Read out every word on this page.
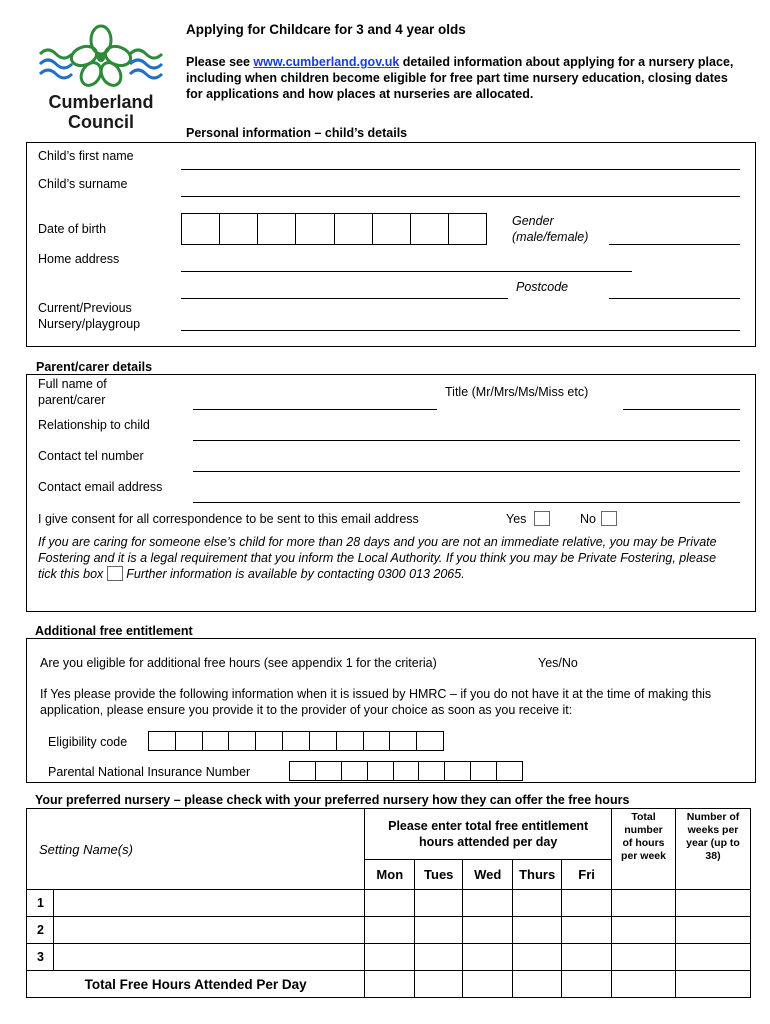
Cumberland
Council
Applying for Childcare for 3 and 4 year olds
Please see www.cumberland.gov.uk detailed information about applying for a nursery place, including when children become eligible for free part time nursery education, closing dates for applications and how places at nurseries are allocated.
Personal information – child’s details
Child’s first name
Child’s surname
Date of birth
Gender
(male/female)
Home address
Postcode
Current/Previous
Nursery/playgroup
Parent/carer details
Full name of
parent/carer
Title (Mr/Mrs/Ms/Miss etc)
Relationship to child
Contact tel number
Contact email address
I give consent for all correspondence to be sent to this email address	Yes	No
If you are caring for someone else’s child for more than 28 days and you are not an immediate relative, you may be Private Fostering and it is a legal requirement that you inform the Local Authority. If you think you may be Private Fostering, please tick this box  Further information is available by contacting 0300 013 2065.
Additional free entitlement
Are you eligible for additional free hours (see appendix 1 for the criteria)	Yes/No
If Yes please provide the following information when it is issued by HMRC – if you do not have it at the time of making this application, please ensure you provide it to the provider of your choice as soon as you receive it:
Eligibility code
Parental National Insurance Number
Your preferred nursery – please check with your preferred nursery how they can offer the free hours
Setting Name(s)		Please enter total free entitlement hours attended per day					Total number of hours per week	Number of weeks per year (up to 38)

		Mon	Tues	Wed	Thurs	Fri		
1								
2								
3								
Total Free Hours Attended Per Day								
